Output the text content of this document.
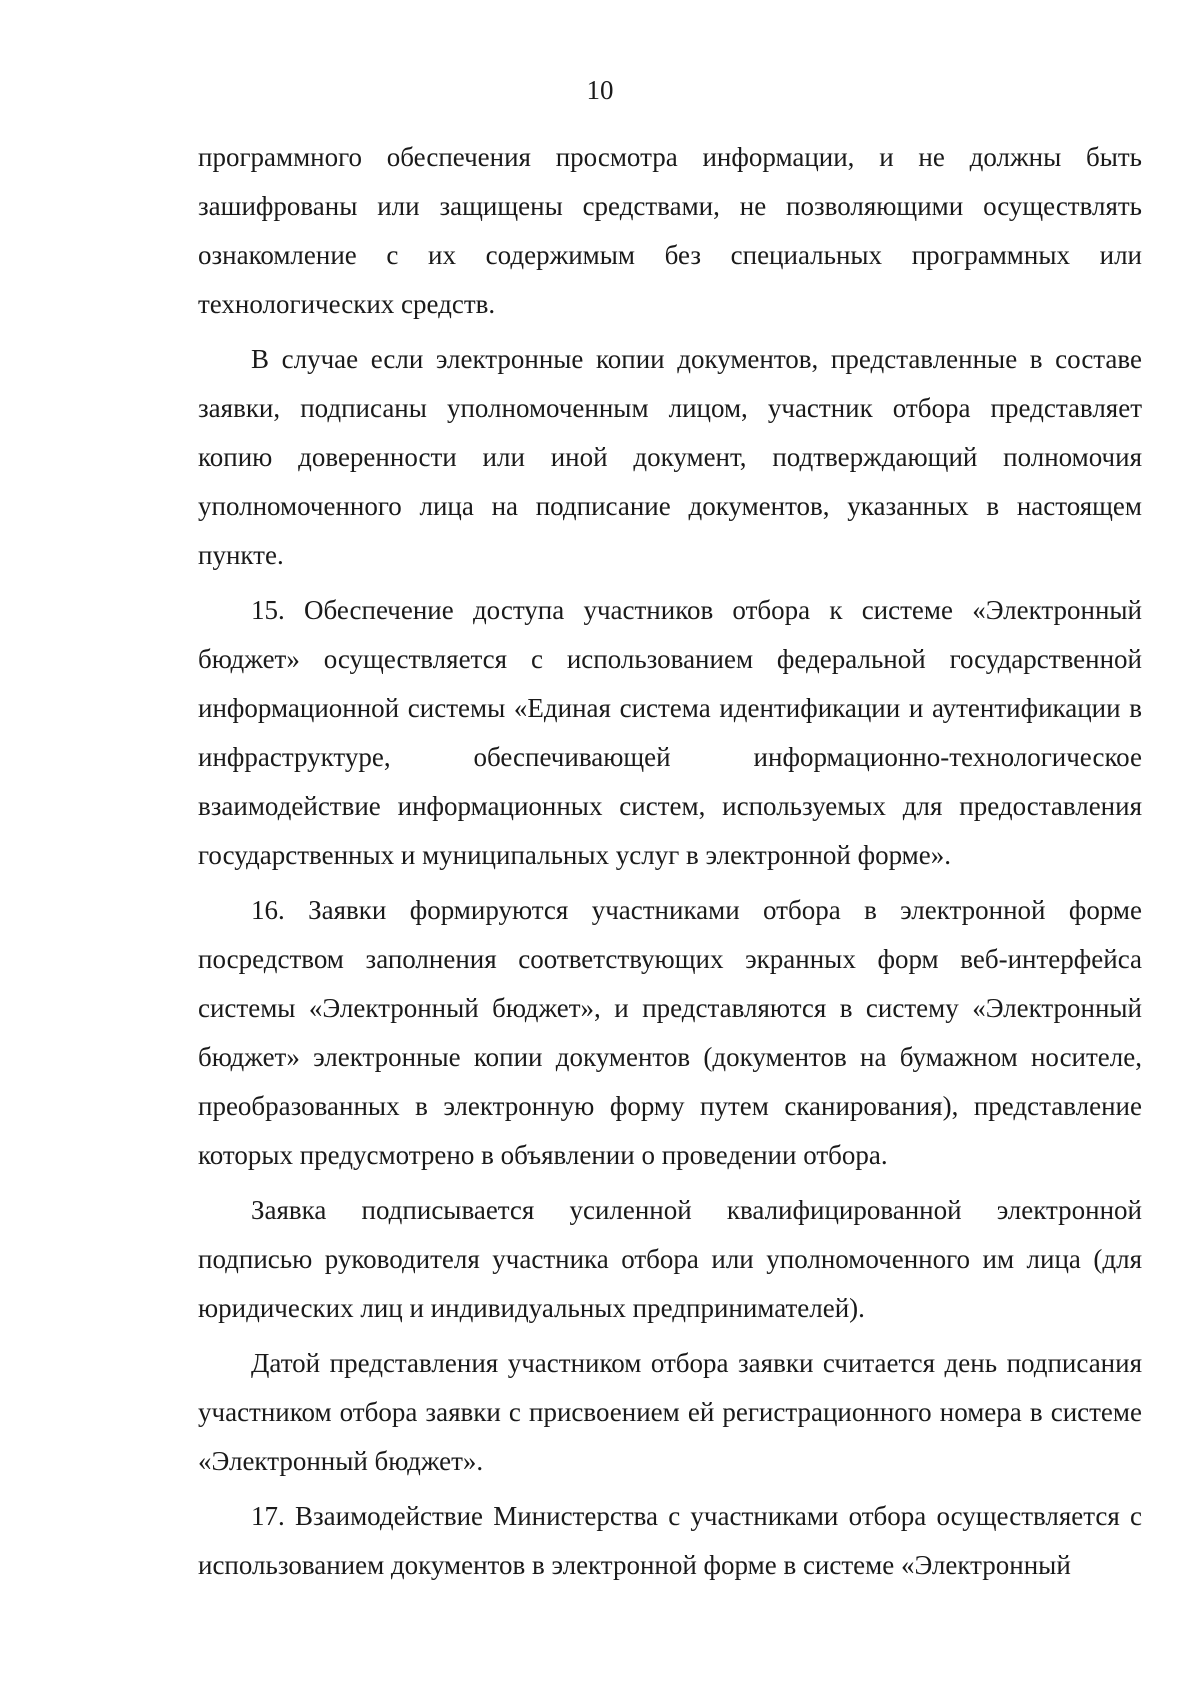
10

программного обеспечения просмотра информации, и не должны быть зашифрованы или защищены средствами, не позволяющими осуществлять ознакомление с их содержимым без специальных программных или технологических средств.

В случае если электронные копии документов, представленные в составе заявки, подписаны уполномоченным лицом, участник отбора представляет копию доверенности или иной документ, подтверждающий полномочия уполномоченного лица на подписание документов, указанных в настоящем пункте.

15. Обеспечение доступа участников отбора к системе «Электронный бюджет» осуществляется с использованием федеральной государственной информационной системы «Единая система идентификации и аутентификации в инфраструктуре, обеспечивающей информационно-технологическое взаимодействие информационных систем, используемых для предоставления государственных и муниципальных услуг в электронной форме».

16. Заявки формируются участниками отбора в электронной форме посредством заполнения соответствующих экранных форм веб-интерфейса системы «Электронный бюджет», и представляются в систему «Электронный бюджет» электронные копии документов (документов на бумажном носителе, преобразованных в электронную форму путем сканирования), представление которых предусмотрено в объявлении о проведении отбора.

Заявка подписывается усиленной квалифицированной электронной подписью руководителя участника отбора или уполномоченного им лица (для юридических лиц и индивидуальных предпринимателей).

Датой представления участником отбора заявки считается день подписания участником отбора заявки с присвоением ей регистрационного номера в системе «Электронный бюджет».

17. Взаимодействие Министерства с участниками отбора осуществляется с использованием документов в электронной форме в системе «Электронный
